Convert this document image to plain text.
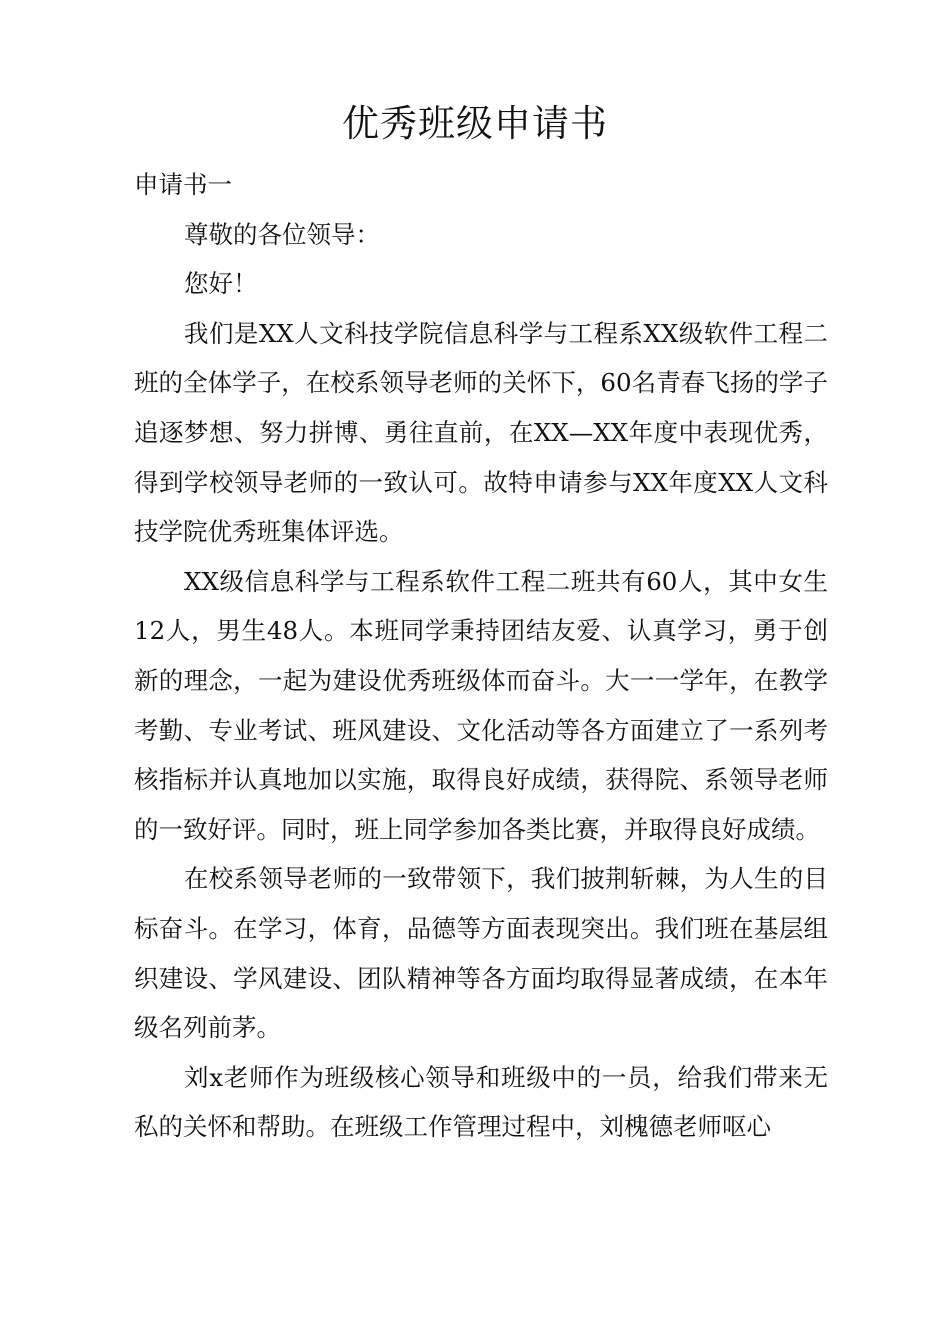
优秀班级申请书

申请书一

尊敬的各位领导：

您好！

我们是XX人文科技学院信息科学与工程系XX级软件工程二班的全体学子，在校系领导老师的关怀下，60名青春飞扬的学子追逐梦想、努力拼博、勇往直前，在XX—XX年度中表现优秀，得到学校领导老师的一致认可。故特申请参与XX年度XX人文科技学院优秀班集体评选。

XX级信息科学与工程系软件工程二班共有60人，其中女生12人，男生48人。本班同学秉持团结友爱、认真学习，勇于创新的理念，一起为建设优秀班级体而奋斗。大一一学年，在教学考勤、专业考试、班风建设、文化活动等各方面建立了一系列考核指标并认真地加以实施，取得良好成绩，获得院、系领导老师的一致好评。同时，班上同学参加各类比赛，并取得良好成绩。

在校系领导老师的一致带领下，我们披荆斩棘，为人生的目标奋斗。在学习，体育，品德等方面表现突出。我们班在基层组织建设、学风建设、团队精神等各方面均取得显著成绩，在本年级名列前茅。

刘x老师作为班级核心领导和班级中的一员，给我们带来无私的关怀和帮助。在班级工作管理过程中，刘槐德老师呕心
